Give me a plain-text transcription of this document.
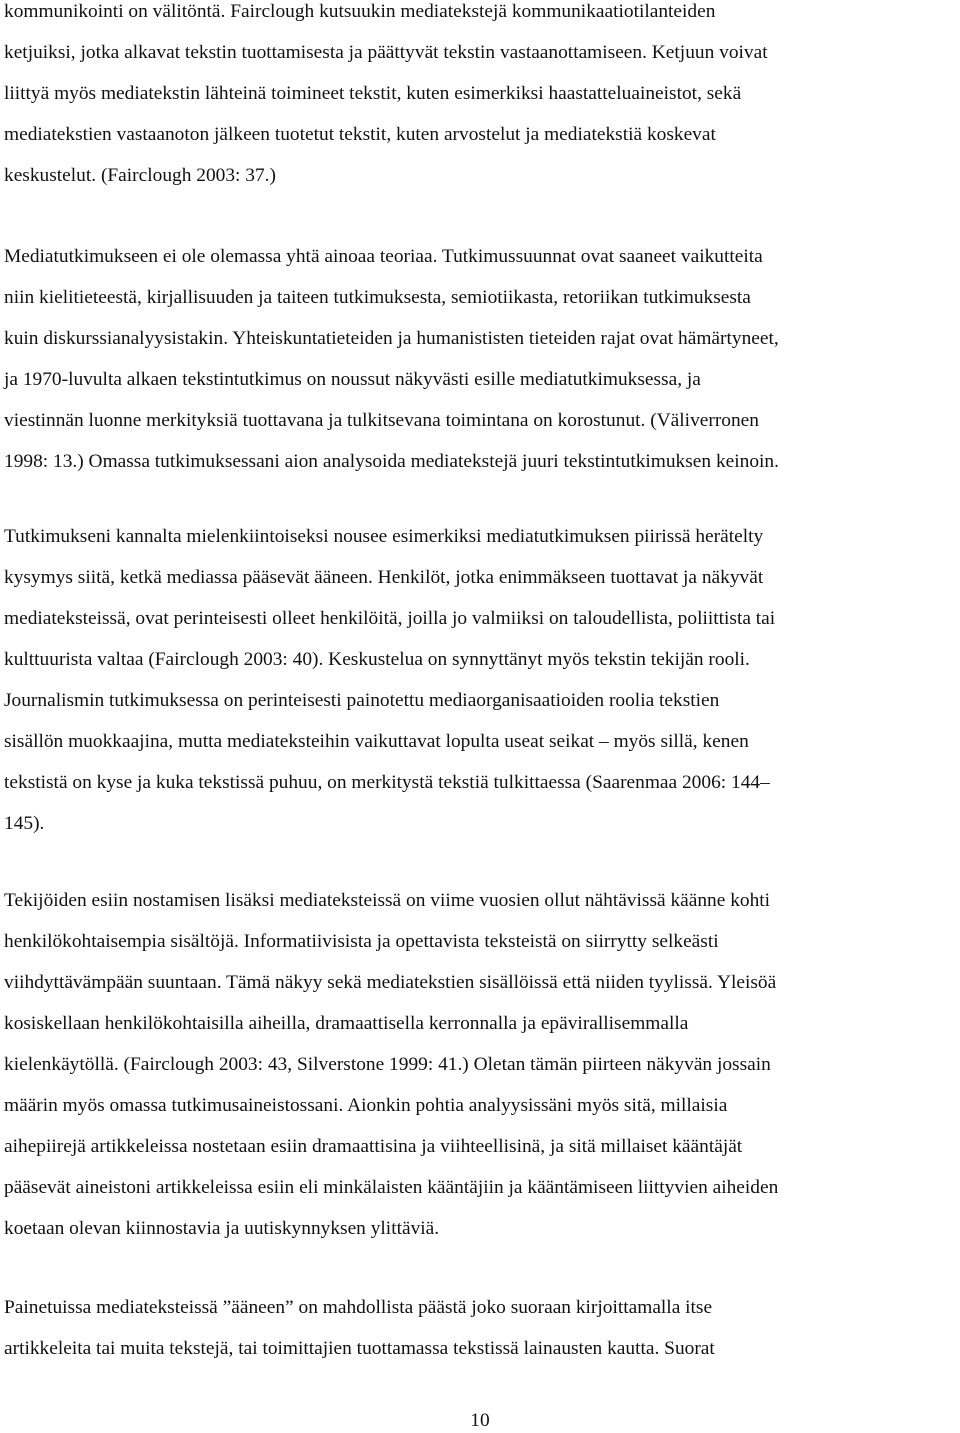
kommunikointi on välitöntä. Fairclough kutsuukin mediatekstejä kommunikaatiotilanteiden
ketjuiksi, jotka alkavat tekstin tuottamisesta ja päättyvät tekstin vastaanottamiseen. Ketjuun voivat
liittyä myös mediatekstin lähteinä toimineet tekstit, kuten esimerkiksi haastatteluaineistot, sekä
mediatekstien vastaanoton jälkeen tuotetut tekstit, kuten arvostelut ja mediatekstiä koskevat
keskustelut. (Fairclough 2003: 37.)
Mediatutkimukseen ei ole olemassa yhtä ainoaa teoriaa. Tutkimussuunnat ovat saaneet vaikutteita
niin kielitieteestä, kirjallisuuden ja taiteen tutkimuksesta, semiotiikasta, retoriikan tutkimuksesta
kuin diskurssianalyysistakin. Yhteiskuntatieteiden ja humanististen tieteiden rajat ovat hämärtyneet,
ja 1970-luvulta alkaen tekstintutkimus on noussut näkyvästi esille mediatutkimuksessa, ja
viestinnän luonne merkityksiä tuottavana ja tulkitsevana toimintana on korostunut. (Väliverronen
1998: 13.) Omassa tutkimuksessani aion analysoida mediatekstejä juuri tekstintutkimuksen keinoin.
Tutkimukseni kannalta mielenkiintoiseksi nousee esimerkiksi mediatutkimuksen piirissä herätelty
kysymys siitä, ketkä mediassa pääsevät ääneen. Henkilöt, jotka enimmäkseen tuottavat ja näkyvät
mediateksteissä, ovat perinteisesti olleet henkilöitä, joilla jo valmiiksi on taloudellista, poliittista tai
kulttuurista valtaa (Fairclough 2003: 40). Keskustelua on synnyttänyt myös tekstin tekijän rooli.
Journalismin tutkimuksessa on perinteisesti painotettu mediaorganisaatioiden roolia tekstien
sisällön muokkaajina, mutta mediateksteihin vaikuttavat lopulta useat seikat – myös sillä, kenen
tekstistä on kyse ja kuka tekstissä puhuu, on merkitystä tekstiä tulkittaessa (Saarenmaa 2006: 144–
145).
Tekijöiden esiin nostamisen lisäksi mediateksteissä on viime vuosien ollut nähtävissä käänne kohti
henkilökohtaisempia sisältöjä. Informatiivisista ja opettavista teksteistä on siirrytty selkeästi
viihdyttävämpään suuntaan. Tämä näkyy sekä mediatekstien sisällöissä että niiden tyylissä. Yleisöä
kosiskellaan henkilökohtaisilla aiheilla, dramaattisella kerronnalla ja epävirallisemmalla
kielenkäytöllä. (Fairclough 2003: 43, Silverstone 1999: 41.) Oletan tämän piirteen näkyvän jossain
määrin myös omassa tutkimusaineistossani. Aionkin pohtia analyysissäni myös sitä, millaisia
aihepiirejä artikkeleissa nostetaan esiin dramaattisina ja viihteellisinä, ja sitä millaiset kääntäjät
pääsevät aineistoni artikkeleissa esiin eli minkälaisten kääntäjiin ja kääntämiseen liittyvien aiheiden
koetaan olevan kiinnostavia ja uutiskynnyksen ylittäviä.
Painetuissa mediateksteissä ”ääneen” on mahdollista päästä joko suoraan kirjoittamalla itse
artikkeleita tai muita tekstejä, tai toimittajien tuottamassa tekstissä lainausten kautta. Suorat
10
